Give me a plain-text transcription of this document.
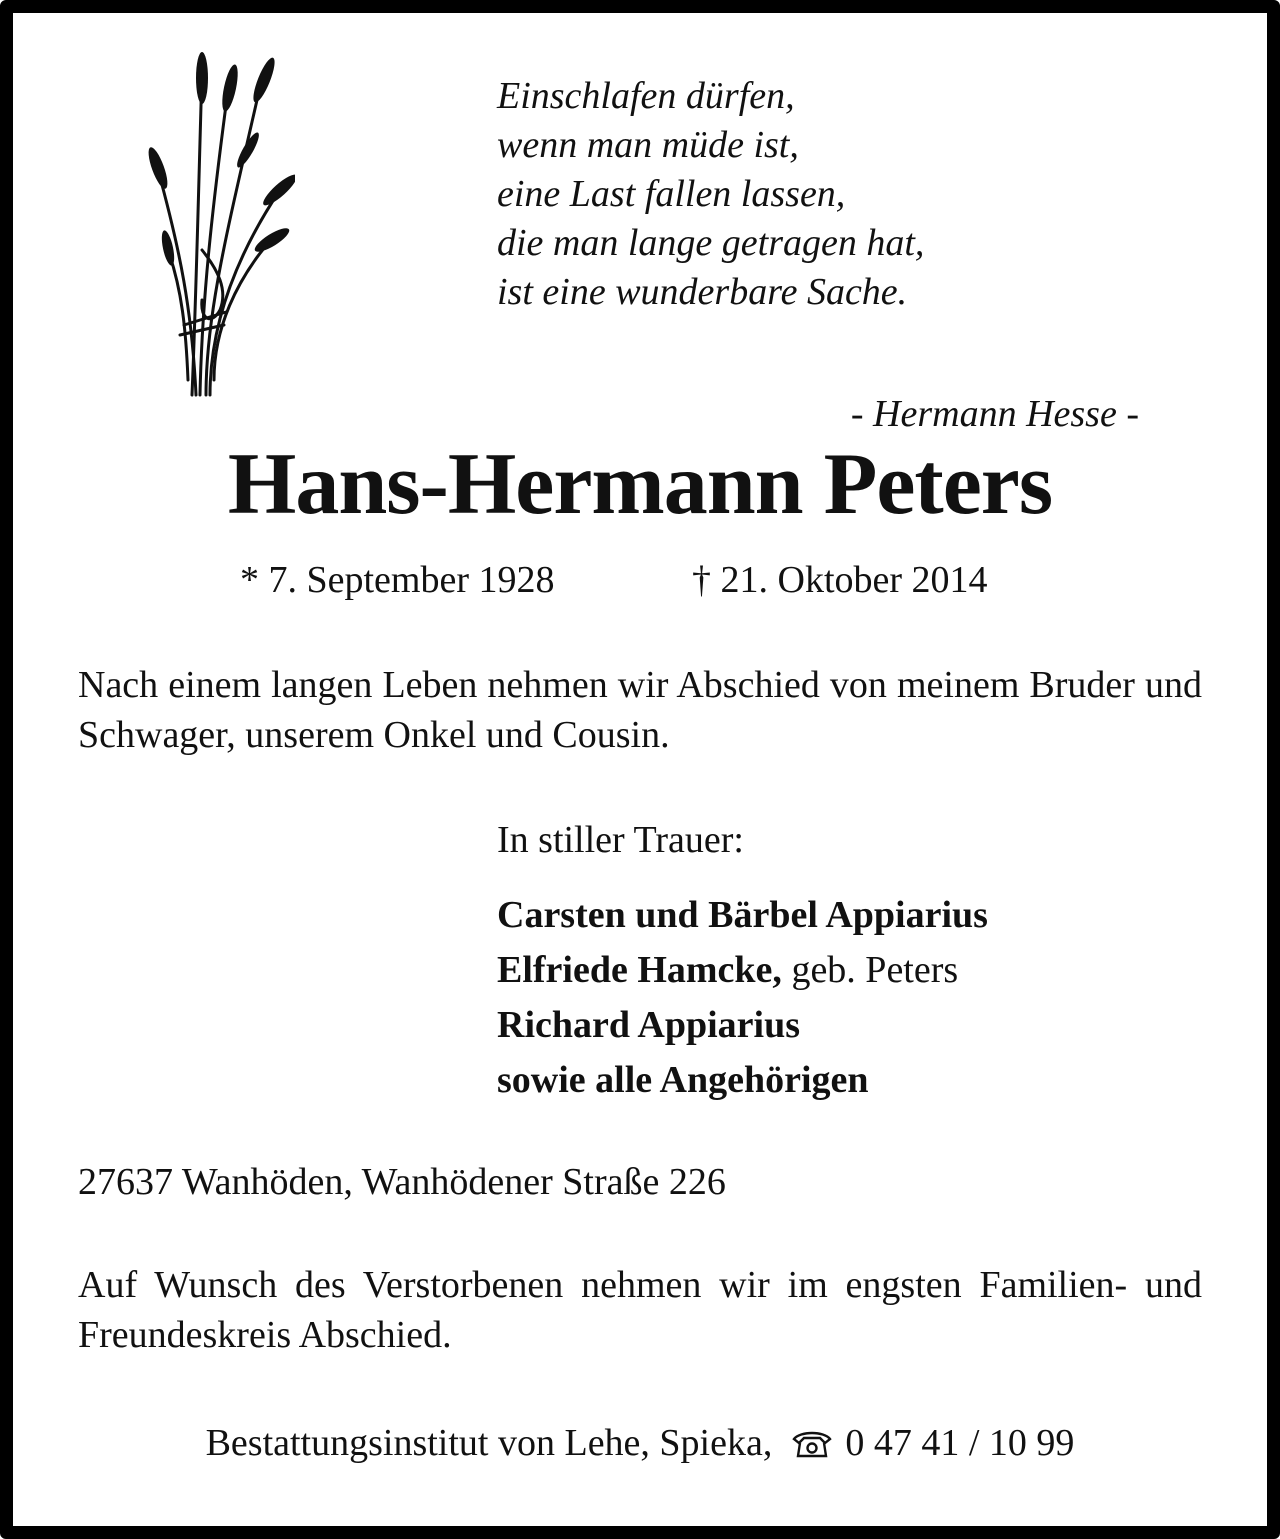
Einschlafen dürfen,
wenn man müde ist,
eine Last fallen lassen,
die man lange getragen hat,
ist eine wunderbare Sache.
- Hermann Hesse -
Hans-Hermann Peters
* 7. September 1928	† 21. Oktober 2014
Nach einem langen Leben nehmen wir Abschied von meinem Bruder und Schwager, unserem Onkel und Cousin.
In stiller Trauer:
Carsten und Bärbel Appiarius
Elfriede Hamcke, geb. Peters
Richard Appiarius
sowie alle Angehörigen
27637 Wanhöden, Wanhödener Straße 226
Auf Wunsch des Verstorbenen nehmen wir im engsten Familien- und Freundeskreis Abschied.
Bestattungsinstitut von Lehe, Spieka, 0 47 41 / 10 99
